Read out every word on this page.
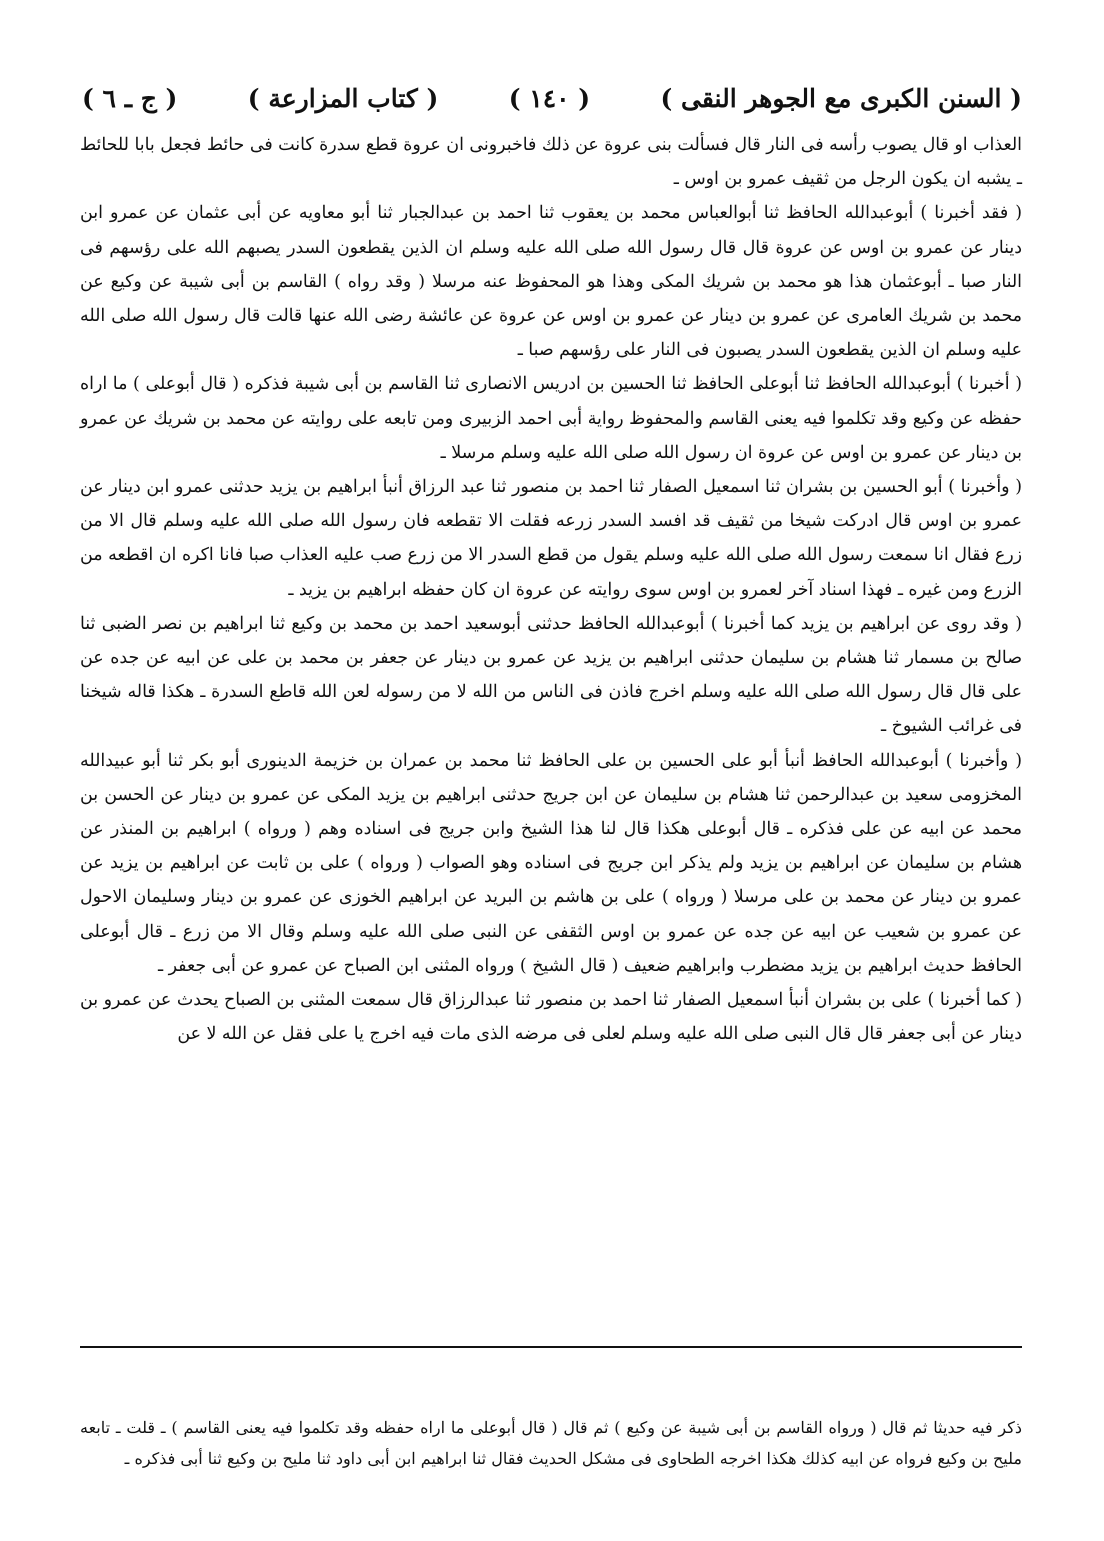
( السنن الكبرى مع الجوهر النقى )
( ١٤٠ )
( كتاب المزارعة )
( ج ـ ٦ )

العذاب او قال يصوب رأسه فى النار قال فسألت بنى عروة عن ذلك فاخبرونى ان عروة قطع سدرة كانت فى حائط فجعل بابا للحائط ـ يشبه ان يكون الرجل من ثقيف عمرو بن اوس ـ

( فقد أخبرنا ) أبوعبدالله الحافظ ثنا أبوالعباس محمد بن يعقوب ثنا احمد بن عبدالجبار ثنا أبو معاويه عن أبى عثمان عن عمرو ابن دينار عن عمرو بن اوس عن عروة قال قال رسول الله صلى الله عليه وسلم ان الذين يقطعون السدر يصبهم الله على رؤسهم فى النار صبا ـ أبوعثمان هذا هو محمد بن شريك المكى وهذا هو المحفوظ عنه مرسلا ( وقد رواه ) القاسم بن أبى شيبة عن وكيع عن محمد بن شريك العامرى عن عمرو بن دينار عن عمرو بن اوس عن عروة عن عائشة رضى الله عنها قالت قال رسول الله صلى الله عليه وسلم ان الذين يقطعون السدر يصبون فى النار على رؤسهم صبا ـ

( أخبرنا ) أبوعبدالله الحافظ ثنا أبوعلى الحافظ ثنا الحسين بن ادريس الانصارى ثنا القاسم بن أبى شيبة فذكره ( قال أبوعلى ) ما اراه حفظه عن وكيع وقد تكلموا فيه يعنى القاسم والمحفوظ رواية أبى احمد الزبيرى ومن تابعه على روايته عن محمد بن شريك عن عمرو بن دينار عن عمرو بن اوس عن عروة ان رسول الله صلى الله عليه وسلم مرسلا ـ

( وأخبرنا ) أبو الحسين بن بشران ثنا اسمعيل الصفار ثنا احمد بن منصور ثنا عبد الرزاق أنبأ ابراهيم بن يزيد حدثنى عمرو ابن دينار عن عمرو بن اوس قال ادركت شيخا من ثقيف قد افسد السدر زرعه فقلت الا تقطعه فان رسول الله صلى الله عليه وسلم قال الا من زرع فقال انا سمعت رسول الله صلى الله عليه وسلم يقول من قطع السدر الا من زرع صب عليه العذاب صبا فانا اكره ان اقطعه من الزرع ومن غيره ـ فهذا اسناد آخر لعمرو بن اوس سوى روايته عن عروة ان كان حفظه ابراهيم بن يزيد ـ

( وقد روى عن ابراهيم بن يزيد كما أخبرنا ) أبوعبدالله الحافظ حدثنى أبوسعيد احمد بن محمد بن وكيع ثنا ابراهيم بن نصر الضبى ثنا صالح بن مسمار ثنا هشام بن سليمان حدثنى ابراهيم بن يزيد عن عمرو بن دينار عن جعفر بن محمد بن على عن ابيه عن جده عن على قال قال رسول الله صلى الله عليه وسلم اخرج فاذن فى الناس من الله لا من رسوله لعن الله قاطع السدرة ـ هكذا قاله شيخنا فى غرائب الشيوخ ـ

( وأخبرنا ) أبوعبدالله الحافظ أنبأ أبو على الحسين بن على الحافظ ثنا محمد بن عمران بن خزيمة الدينورى أبو بكر ثنا أبو عبيدالله المخزومى سعيد بن عبدالرحمن ثنا هشام بن سليمان عن ابن جريج حدثنى ابراهيم بن يزيد المكى عن عمرو بن دينار عن الحسن بن محمد عن ابيه عن على فذكره ـ قال أبوعلى هكذا قال لنا هذا الشيخ وابن جريج فى اسناده وهم ( ورواه ) ابراهيم بن المنذر عن هشام بن سليمان عن ابراهيم بن يزيد ولم يذكر ابن جريج فى اسناده وهو الصواب ( ورواه ) على بن ثابت عن ابراهيم بن يزيد عن عمرو بن دينار عن محمد بن على مرسلا ( ورواه ) على بن هاشم بن البريد عن ابراهيم الخوزى عن عمرو بن دينار وسليمان الاحول عن عمرو بن شعيب عن ابيه عن جده عن عمرو بن اوس الثقفى عن النبى صلى الله عليه وسلم وقال الا من زرع ـ قال أبوعلى الحافظ حديث ابراهيم بن يزيد مضطرب وابراهيم ضعيف ( قال الشيخ ) ورواه المثنى ابن الصباح عن عمرو عن أبى جعفر ـ

( كما أخبرنا ) على بن بشران أنبأ اسمعيل الصفار ثنا احمد بن منصور ثنا عبدالرزاق قال سمعت المثنى بن الصباح يحدث عن عمرو بن دينار عن أبى جعفر قال قال النبى صلى الله عليه وسلم لعلى فى مرضه الذى مات فيه اخرج يا على فقل عن الله لا عن

ذكر فيه حديثا ثم قال ( ورواه القاسم بن أبى شيبة عن وكيع ) ثم قال ( قال أبوعلى ما اراه حفظه وقد تكلموا فيه يعنى القاسم ) ـ قلت ـ تابعه مليح بن وكيع فرواه عن ابيه كذلك هكذا اخرجه الطحاوى فى مشكل الحديث فقال ثنا ابراهيم ابن أبى داود ثنا مليح بن وكيع ثنا أبى فذكره ـ
